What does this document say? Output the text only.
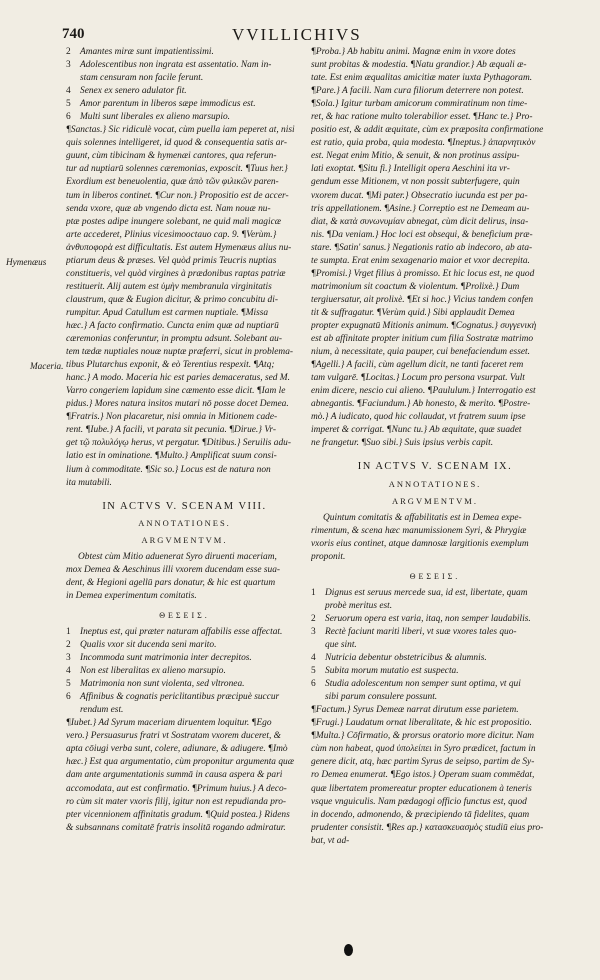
740	VVILLICHIVS
Hymenæus
Maceria.
2 Amantes miræ sunt impatientissimi.
3 Adolescentibus non ingrata est assentatio. Nam in-
stam censuram non facile ferunt.
4 Senex ex senero adulator fit.
5 Amor parentum in liberos sæpe immodicus est.
6 Multi sunt liberales ex alieno marsupio.
¶Sanctas.} Sic ridiculè vocat, cùm puella iam peperet at, nisi
quis solennes intelligeret, id quod & consequentia satis ar-
guunt, cùm tibicinam & hymenæi cantores, qua referun-
tur ad nuptiarū solennes cæremonias, exposcit. ¶Tuus her.}
Exordium est beneuolentia, quæ ἀπὸ τῶν φιλικῶν paren-
tum in liberos continet. ¶Cur non.} Propositio est de accer-
senda vxore, quæ ab vngendo dicta est. Nam nouæ nu-
ptæ postes adipe inungere solebant, ne quid mali magicæ
arte accederet, Plinius vicesimooctauo cap. 9. ¶Verùm.}
ἀνθυποφορὰ est difficultatis. Est autem Hymenæus alius nu-
ptiarum deus & præses. Vel quòd primis Teucris nuptias
constitueris, vel quòd virgines à prædonibus raptas patriæ
restituerit. Alij autem est ὑμὴν membranula virginitatis
claustrum, quæ & Eugion dicitur, & primo concubitu di-
rumpitur. Apud Catullum est carmen nuptiale. ¶Missa
hæc.} A facto confirmatio. Cuncta enim quæ ad nuptiarū
cæremonias conferuntur, in promptu adsunt. Solebant au-
tem tædæ nuptiales nouæ nuptæ præferri, sicut in problema-
tibus Plutarchus exponit, & eò Terentius respexit. ¶Atq;
hanc.} A modo. Maceria hic est paries demaceratus, sed M.
Varro congeriem lapidum sine cæmento esse dicit. ¶Iam le
pidus.} Mores natura insitos mutari nō posse docet Demea.
¶Fratris.} Non placaretur, nisi omnia in Mitionem cade-
rent. ¶Iube.} A facili, vt parata sit pecunia. ¶Dirue.} Vr-
get τῷ πολυλόγῳ herus, vt pergatur. ¶Ditibus.} Seruilis adu-
latio est in ominatione. ¶Multo.} Amplificat suum consi-
lium à commoditate. ¶Sic so.} Locus est de natura non
ita mutabili.
IN ACTVS V. SCENAM VIII.
ANNOTATIONES.
ARGVMENTVM.
Obtest cùm Mitio aduenerat Syro diruenti maceriam,
mox Demea & Aeschinus illi vxorem ducendam esse sua-
dent, & Hegioni agellū pars donatur, & hic est quartum
in Demea experimentum comitatis.
ΘΕΣΕΙΣ.
1 Ineptus est, qui præter naturam affabilis esse affectat.
2 Qualis vxor sit ducenda seni marito.
3 Incommoda sunt matrimonia inter decrepitos.
4 Non est liberalitas ex alieno marsupio.
5 Matrimonia non sunt violenta, sed vltronea.
6 Affinibus & cognatis periclitantibus præcipuè succur
rendum est.
¶Iubet.} Ad Syrum maceriam diruentem loquitur. ¶Ego
vero.} Persuasurus fratri vt Sostratam vxorem duceret, &
apta cōiugi verba sunt, colere, adiunare, & adiugere. ¶Imò
hæc.} Est qua argumentatio, cùm proponitur argumenta quæ
dam ante argumentationis summā in causa aspera & pari
accomodata, aut est confirmatio. ¶Primum huius.} A deco-
ro cùm sit mater vxoris filij, igitur non est repudianda pro-
pter vicennionem affinitatis gradum. ¶Quid postea.} Ridens
& subsannans comitatē fratris insolitā rogando admiratur.
¶Proba.} Ab habitu animi. Magnæ enim in vxore dotes
sunt probitas & modestia. ¶Natu grandior.} Ab æquali æ-
tate. Est enim æqualitas amicitiæ mater iuxta Pythagoram.
¶Pare.} A facili. Nam cura filiorum deterrere non potest.
¶Sola.} Igitur turbam amicorum commiratinum non time-
ret, & hac ratione multo tolerabilior esset. ¶Hanc te.} Pro-
positio est, & addit æquitate, cùm ex præposita confirmatione
est ratio, quia proba, quia modesta. ¶Ineptus.} ἀπαρνητικὸν
est. Negat enim Mitio, & senuit, & non protinus assipu-
lati exoptat. ¶Situ fi.} Intelligit opera Aeschini ita vr-
gendum esse Mitionem, vt non possit subterfugere, quin
vxorem ducat. ¶Mi pater.} Obsecratio iucunda est per pa-
tris appellationem. ¶Asine.} Correptio est ne Demeam au-
diat, & κατὰ συνωνυμίαν abnegat, cùm dicit delirus, insa-
nis. ¶Da veniam.} Hoc loci est obsequi, & beneficium præ-
stare. ¶Satin' sanus.} Negationis ratio ab indecoro, ab ata-
te sumpta. Erat enim sexagenario maior et vxor decrepita.
¶Promisi.} Vrget filius à promisso. Et hic locus est, ne quod
matrimonium sit coactum & violentum. ¶Prolixè.} Dum
tergiuersatur, ait prolixè. ¶Et si hoc.} Vicius tandem confen
tit & suffragatur. ¶Verùm quid.} Sibi applaudit Demea
propter expugnatū Mitionis animum. ¶Cognatus.} συγγενικὴ
est ab affinitate propter initium cum filia Sostratæ matrimo
nium, à necessitate, quia pauper, cui benefaciendum esset.
¶Agelli.} A facili, cùm agellum dicit, ne tanti faceret rem
tam vulgarē. ¶Locitas.} Locum pro persona vsurpat. Vult
enim dicere, nescio cui alieno. ¶Paululum.} Interrogatio est
abnegantis. ¶Faciundum.} Ab honesto, & merito. ¶Postre-
mò.} A iudicato, quod hic collaudat, vt fratrem suum ipse
imperet & corrigat. ¶Nunc tu.} Ab æquitate, quæ suadet
ne frangetur. ¶Suo sibi.} Suis ipsius verbis capit.
IN ACTVS V. SCENAM IX.
ANNOTATIONES.
ARGVMENTVM.
Quintum comitatis & affabilitatis est in Demea expe-
rimentum, & scena hæc manumissionem Syri, & Phrygiæ
vxoris eius continet, atque damnosæ largitionis exemplum
proponit.
ΘΕΣΕΙΣ.
1 Dignus est seruus mercede sua, id est, libertate, quam
probè meritus est.
2 Seruorum opera est varia, itaq, non semper laudabilis.
3 Rectè faciunt mariti liberi, vt suæ vxores tales quo-
que sint.
4 Nutricia debentur obstetricibus & alumnis.
5 Subita morum mutatio est suspecta.
6 Studia adolescentum non semper sunt optima, vt qui
sibi parum consulere possunt.
¶Factum.} Syrus Demeæ narrat dirutum esse parietem.
¶Frugi.} Laudatum ornat liberalitate, & hic est propositio.
¶Multa.} Cōfirmatio, & prorsus oratorio more dicitur. Nam
cùm non habeat, quod ὑπολείπει in Syro prædicet, factum in
genere dicit, atq, hæc partim Syrus de seipso, partim de Sy-
ro Demea enumerat. ¶Ego istos.} Operam suam commēdat,
quæ libertatem promereatur propter educationem à teneris
vsque vnguiculis. Nam pædagogi officio functus est, quod
in docendo, admonendo, & præcipiendo tā fidelites, quam
prudenter consistit. ¶Res ap.} κατασκευασμὸς studiū eius pro-
bat, vt ad-
